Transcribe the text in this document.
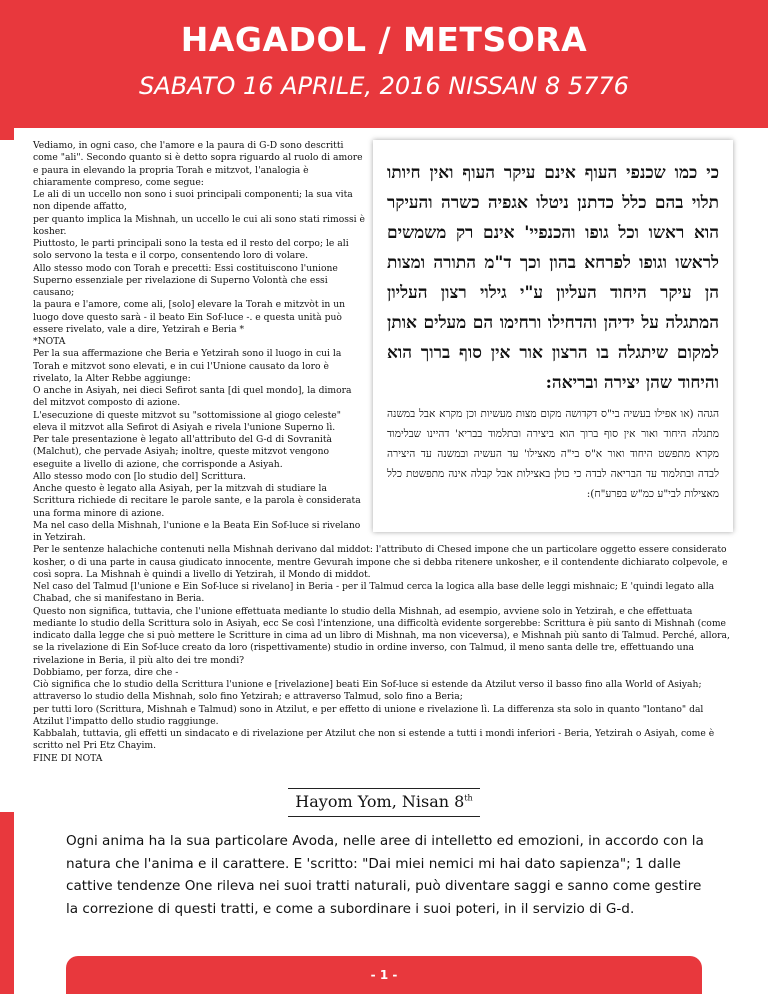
HAGADOL / METSORA
SABATO 16 APRILE, 2016 NISSAN 8 5776
כי כמו שכנפי העוף אינם עיקר העוף ואין חיותו תלוי בהם כלל כדתנן ניטלו אגפיה כשרה והעיקר הוא ראשו וכל גופו והכנפיי' אינם רק משמשים לראשו וגופו לפרחא בהון וכך ד"מ התורה ומצות הן עיקר היחוד העליון ע"י גילוי רצון העליון המתגלה על ידיהן והדחילו ורחימו הם מעלים אותן למקום שיתגלה בו הרצון אור אין סוף ברוך הוא והיחוד שהן יצירה ובריאה:
הגהה (או אפילו בעשיה בי"ס דקדושה מקום מצות מעשיות וכן מקרא אבל במשנה מתגלה היחוד ואור אין סוף ברוך הוא ביצירה ובתלמוד בבריא' דהיינו שבלימוד מקרא מתפשט היחוד ואור א"ס בי"ה מאצילו' עד העשיה ובמשנה עד היצירה לבדה ובתלמוד עד הבריאה לבדה כי כולן באצילות אבל קבלה אינה מתפשטת כלל מאצילות לבי"ע כמ"ש בפרע"ח):

Vediamo, in ogni caso, che l'amore e la paura di G-D sono descritti come "ali". Secondo quanto si è detto sopra riguardo al ruolo di amore e paura in elevando la propria Torah e mitzvot, l'analogia è chiaramente compreso, come segue:

Le ali di un uccello non sono i suoi principali componenti; la sua vita non dipende affatto,

per quanto implica la Mishnah, un uccello le cui ali sono stati rimossi è kosher.

Piuttosto, le parti principali sono la testa ed il resto del corpo; le ali solo servono la testa e il corpo, consentendo loro di volare.

Allo stesso modo con Torah e precetti: Essi costituiscono l'unione Superno essenziale per rivelazione di Superno Volontà che essi causano;

la paura e l'amore, come ali, [solo] elevare la Torah e mitzvòt in un luogo dove questo sarà - il beato Ein Sof-luce -. e questa unità può essere rivelato, vale a dire, Yetzirah e Beria *

*NOTA

Per la sua affermazione che Beria e Yetzirah sono il luogo in cui la Torah e mitzvot sono elevati, e in cui l'Unione causato da loro è rivelato, la Alter Rebbe aggiunge:

O anche in Asiyah, nei dieci Sefirot santa [di quel mondo], la dimora del mitzvot composto di azione.

L'esecuzione di queste mitzvot su "sottomissione al giogo celeste" eleva il mitzvot alla Sefirot di Asiyah e rivela l'unione Superno lì.

Per tale presentazione è legato all'attributo del G-d di Sovranità (Malchut), che pervade Asiyah; inoltre, queste mitzvot vengono eseguite a livello di azione, che corrisponde a Asiyah.

Allo stesso modo con [lo studio del] Scrittura.

Anche questo è legato alla Asiyah, per la mitzvah di studiare la Scrittura richiede di recitare le parole sante, e la parola è considerata una forma minore di azione.

Ma nel caso della Mishnah, l'unione e la Beata Ein Sof-luce si rivelano in Yetzirah.

Per le sentenze halachiche contenuti nella Mishnah derivano dal middot: l'attributo di Chesed impone che un particolare oggetto essere considerato kosher, o di una parte in causa giudicato innocente, mentre Gevurah impone che si debba ritenere unkosher, e il contendente dichiarato colpevole, e così sopra. La Mishnah è quindi a livello di Yetzirah, il Mondo di middot.

Nel caso del Talmud [l'unione e Ein Sof-luce si rivelano] in Beria - per il Talmud cerca la logica alla base delle leggi mishnaic; E 'quindi legato alla Chabad, che si manifestano in Beria.

Questo non significa, tuttavia, che l'unione effettuata mediante lo studio della Mishnah, ad esempio, avviene solo in Yetzirah, e che effettuata mediante lo studio della Scrittura solo in Asiyah, ecc Se così l'intenzione, una difficoltà evidente sorgerebbe: Scrittura è più santo di Mishnah (come indicato dalla legge che si può mettere le Scritture in cima ad un libro di Mishnah, ma non viceversa), e Mishnah più santo di Talmud. Perché, allora, se la rivelazione di Ein Sof-luce creato da loro (rispettivamente) studio in ordine inverso, con Talmud, il meno santa delle tre, effettuando una rivelazione in Beria, il più alto dei tre mondi?

Dobbiamo, per forza, dire che -

Ciò significa che lo studio della Scrittura l'unione e [rivelazione] beati Ein Sof-luce si estende da Atzilut verso il basso fino alla World of Asiyah; attraverso lo studio della Mishnah, solo fino Yetzirah; e attraverso Talmud, solo fino a Beria;

per tutti loro (Scrittura, Mishnah e Talmud) sono in Atzilut, e per effetto di unione e rivelazione lì. La differenza sta solo in quanto "lontano" dal Atzilut l'impatto dello studio raggiunge.

Kabbalah, tuttavia, gli effetti un sindacato e di rivelazione per Atzilut che non si estende a tutti i mondi inferiori - Beria, Yetzirah o Asiyah, come è scritto nel Pri Etz Chayim.

FINE DI NOTA

Hayom Yom, Nisan 8th
Ogni anima ha la sua particolare Avoda, nelle aree di intelletto ed emozioni, in accordo con la natura che l'anima e il carattere. E 'scritto: "Dai miei nemici mi hai dato sapienza"; 1 dalle cattive tendenze One rileva nei suoi tratti naturali, può diventare saggi e sanno come gestire la correzione di questi tratti, e come a subordinare i suoi poteri, in il servizio di G-d.
- 1 -
